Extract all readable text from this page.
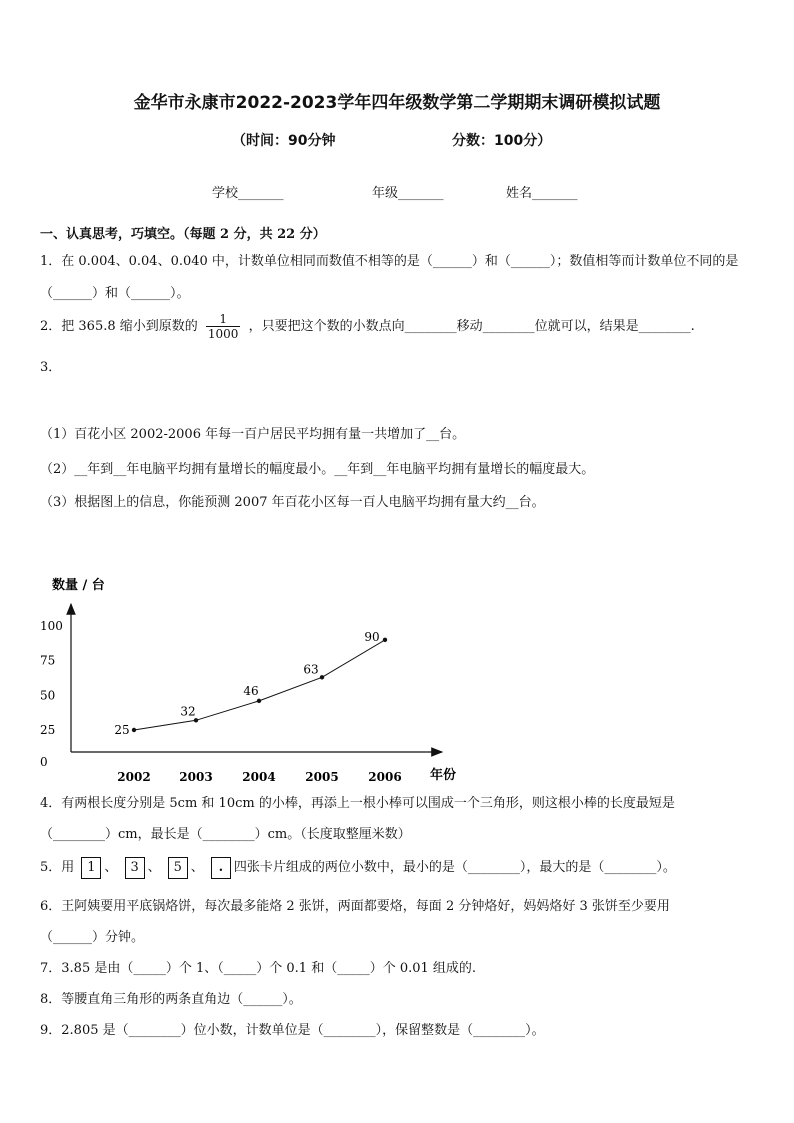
金华市永康市2022-2023学年四年级数学第二学期期末调研模拟试题
（时间：90分钟	分数：100分）
学校_______	年级_______	姓名_______
一、认真思考，巧填空。（每题 2 分，共 22 分）
1．在 0.004、0.04、0.040 中，计数单位相同而数值不相等的是（______）和（______）；数值相等而计数单位不同的是
（______）和（______）。
2．把 365.8 缩小到原数的 $\frac{1}{1000}$ ，只要把这个数的小数点向________移动________位就可以，结果是________.
3．
（1）百花小区 2002-2006 年每一百户居民平均拥有量一共增加了__台。
（2）__年到__年电脑平均拥有量增长的幅度最小。__年到__年电脑平均拥有量增长的幅度最大。
（3）根据图上的信息，你能预测 2007 年百花小区每一百人电脑平均拥有量大约__台。
数量 / 台
年份
0
25
50
75
100
2002 2003 2004 2005 2006
25
32
46
63
90
4．有两根长度分别是 5cm 和 10cm 的小棒，再添上一根小棒可以围成一个三角形，则这根小棒的长度最短是
（________）cm，最长是（________）cm。（长度取整厘米数）
5．用 1 、 3 、 5 、 . 四张卡片组成的两位小数中，最小的是（________），最大的是（________）。
6．王阿姨要用平底锅烙饼，每次最多能烙 2 张饼，两面都要烙，每面 2 分钟烙好，妈妈烙好 3 张饼至少要用
（______）分钟。
7．3.85 是由（_____）个 1、（_____）个 0.1 和（_____）个 0.01 组成的.
8．等腰直角三角形的两条直角边（______）。
9．2.805 是（________）位小数，计数单位是（________），保留整数是（________）。
